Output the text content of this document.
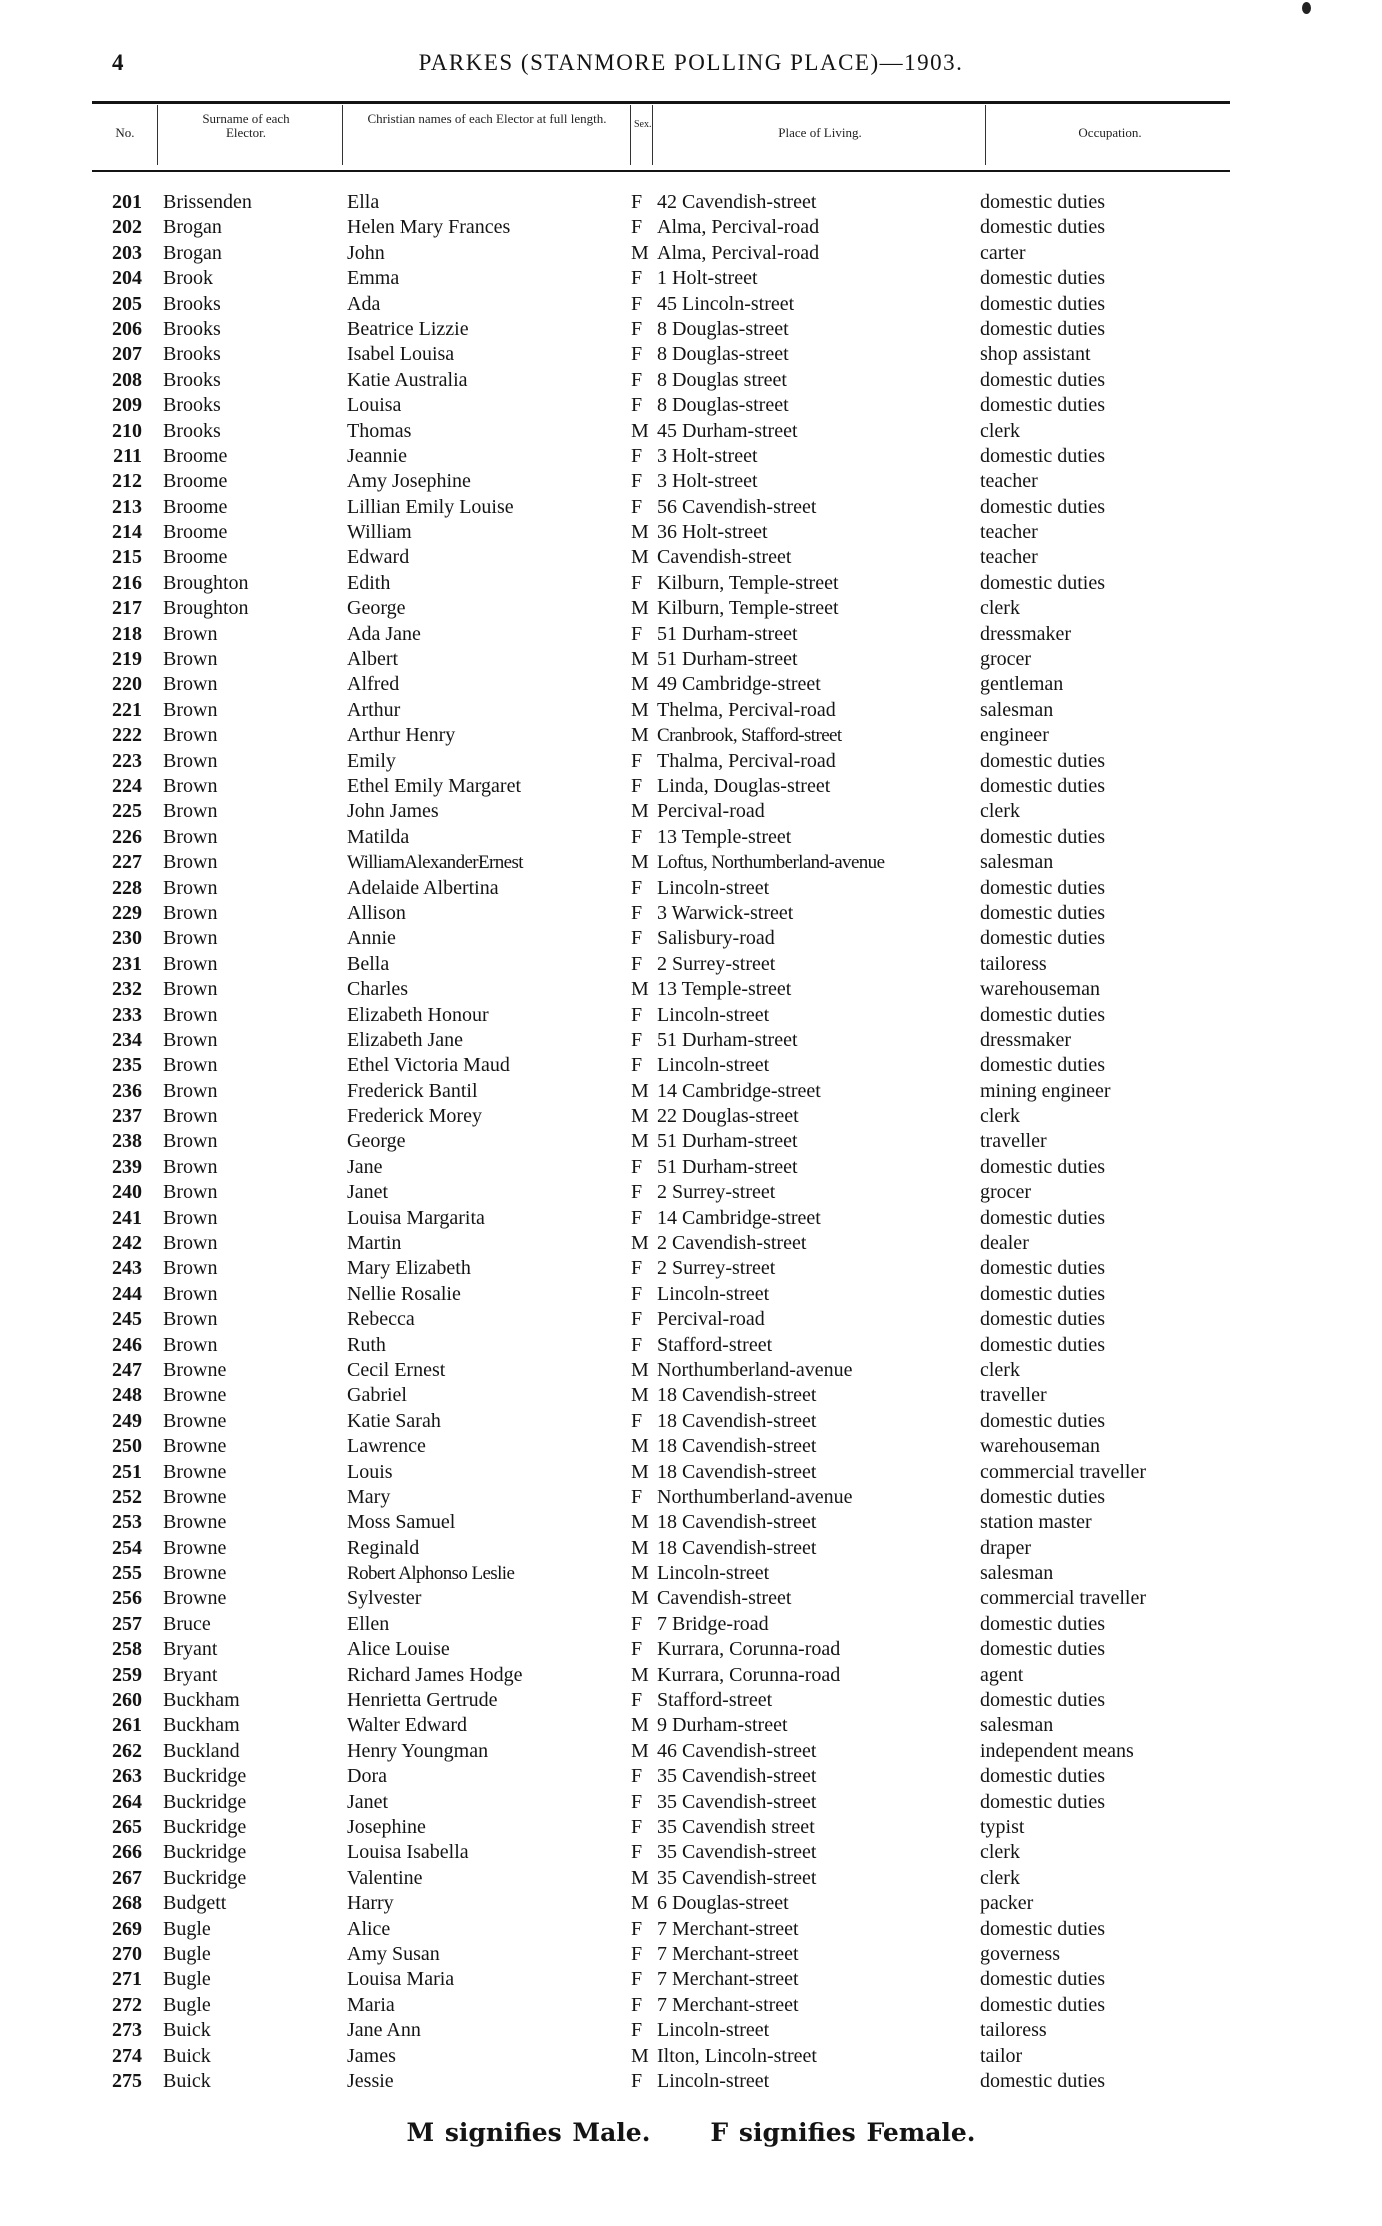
4	PARKES (STANMORE POLLING PLACE)—1903.
No.
Surname of each Elector.
Christian names of each Elector at full length.	Sex.
Place of Living.	Occupation.
201 Brissenden	Ella	F 42 Cavendish-street	domestic duties
202 Brogan	Helen Mary Frances	F Alma, Percival-road	domestic duties
203 Brogan	John	M Alma, Percival-road	carter
204 Brook	Emma	F 1 Holt-street	domestic duties
205 Brooks	Ada	F 45 Lincoln-street	domestic duties
206 Brooks	Beatrice Lizzie	F 8 Douglas-street	domestic duties
207 Brooks	Isabel Louisa	F 8 Douglas-street	shop assistant
208 Brooks	Katie Australia	F 8 Douglas street	domestic duties
209 Brooks	Louisa	F 8 Douglas-street	domestic duties
210 Brooks	Thomas	M 45 Durham-street	clerk
211 Broome	Jeannie	F 3 Holt-street	domestic duties
212 Broome	Amy Josephine	F 3 Holt-street	teacher
213 Broome	Lillian Emily Louise	F 56 Cavendish-street	domestic duties
214 Broome	William	M 36 Holt-street	teacher
215 Broome	Edward	M Cavendish-street	teacher
216 Broughton	Edith	F Kilburn, Temple-street	domestic duties
217 Broughton	George	M Kilburn, Temple-street	clerk
218 Brown	Ada Jane	F 51 Durham-street	dressmaker
219 Brown	Albert	M 51 Durham-street	grocer
220 Brown	Alfred	M 49 Cambridge-street	gentleman
221 Brown	Arthur	M Thelma, Percival-road	salesman
222 Brown	Arthur Henry	M Cranbrook, Stafford-street	engineer
223 Brown	Emily	F Thalma, Percival-road	domestic duties
224 Brown	Ethel Emily Margaret	F Linda, Douglas-street	domestic duties
225 Brown	John James	M Percival-road	clerk
226 Brown	Matilda	F 13 Temple-street	domestic duties
227 Brown	WilliamAlexanderErnest	M Loftus, Northumberland-avenue	salesman
228 Brown	Adelaide Albertina	F Lincoln-street	domestic duties
229 Brown	Allison	F 3 Warwick-street	domestic duties
230 Brown	Annie	F Salisbury-road	domestic duties
231 Brown	Bella	F 2 Surrey-street	tailoress
232 Brown	Charles	M 13 Temple-street	warehouseman
233 Brown	Elizabeth Honour	F Lincoln-street	domestic duties
234 Brown	Elizabeth Jane	F 51 Durham-street	dressmaker
235 Brown	Ethel Victoria Maud	F Lincoln-street	domestic duties
236 Brown	Frederick Bantil	M 14 Cambridge-street	mining engineer
237 Brown	Frederick Morey	M 22 Douglas-street	clerk
238 Brown	George	M 51 Durham-street	traveller
239 Brown	Jane	F 51 Durham-street	domestic duties
240 Brown	Janet	F 2 Surrey-street	grocer
241 Brown	Louisa Margarita	F 14 Cambridge-street	domestic duties
242 Brown	Martin	M 2 Cavendish-street	dealer
243 Brown	Mary Elizabeth	F 2 Surrey-street	domestic duties
244 Brown	Nellie Rosalie	F Lincoln-street	domestic duties
245 Brown	Rebecca	F Percival-road	domestic duties
246 Brown	Ruth	F Stafford-street	domestic duties
247 Browne	Cecil Ernest	M Northumberland-avenue	clerk
248 Browne	Gabriel	M 18 Cavendish-street	traveller
249 Browne	Katie Sarah	F 18 Cavendish-street	domestic duties
250 Browne	Lawrence	M 18 Cavendish-street	warehouseman
251 Browne	Louis	M 18 Cavendish-street	commercial traveller
252 Browne	Mary	F Northumberland-avenue	domestic duties
253 Browne	Moss Samuel	M 18 Cavendish-street	station master
254 Browne	Reginald	M 18 Cavendish-street	draper
255 Browne	Robert Alphonso Leslie	M Lincoln-street	salesman
256 Browne	Sylvester	M Cavendish-street	commercial traveller
257 Bruce	Ellen	F 7 Bridge-road	domestic duties
258 Bryant	Alice Louise	F Kurrara, Corunna-road	domestic duties
259 Bryant	Richard James Hodge	M Kurrara, Corunna-road	agent
260 Buckham	Henrietta Gertrude	F Stafford-street	domestic duties
261 Buckham	Walter Edward	M 9 Durham-street	salesman
262 Buckland	Henry Youngman	M 46 Cavendish-street	independent means
263 Buckridge	Dora	F 35 Cavendish-street	domestic duties
264 Buckridge	Janet	F 35 Cavendish-street	domestic duties
265 Buckridge	Josephine	F 35 Cavendish street	typist
266 Buckridge	Louisa Isabella	F 35 Cavendish-street	clerk
267 Buckridge	Valentine	M 35 Cavendish-street	clerk
268 Budgett	Harry	M 6 Douglas-street	packer
269 Bugle	Alice	F 7 Merchant-street	domestic duties
270 Bugle	Amy Susan	F 7 Merchant-street	governess
271 Bugle	Louisa Maria	F 7 Merchant-street	domestic duties
272 Bugle	Maria	F 7 Merchant-street	domestic duties
273 Buick	Jane Ann	F Lincoln-street	tailoress
274 Buick	James	M Ilton, Lincoln-street	tailor
275 Buick	Jessie	F Lincoln-street	domestic duties
M signifies Male. F signifies Female.
